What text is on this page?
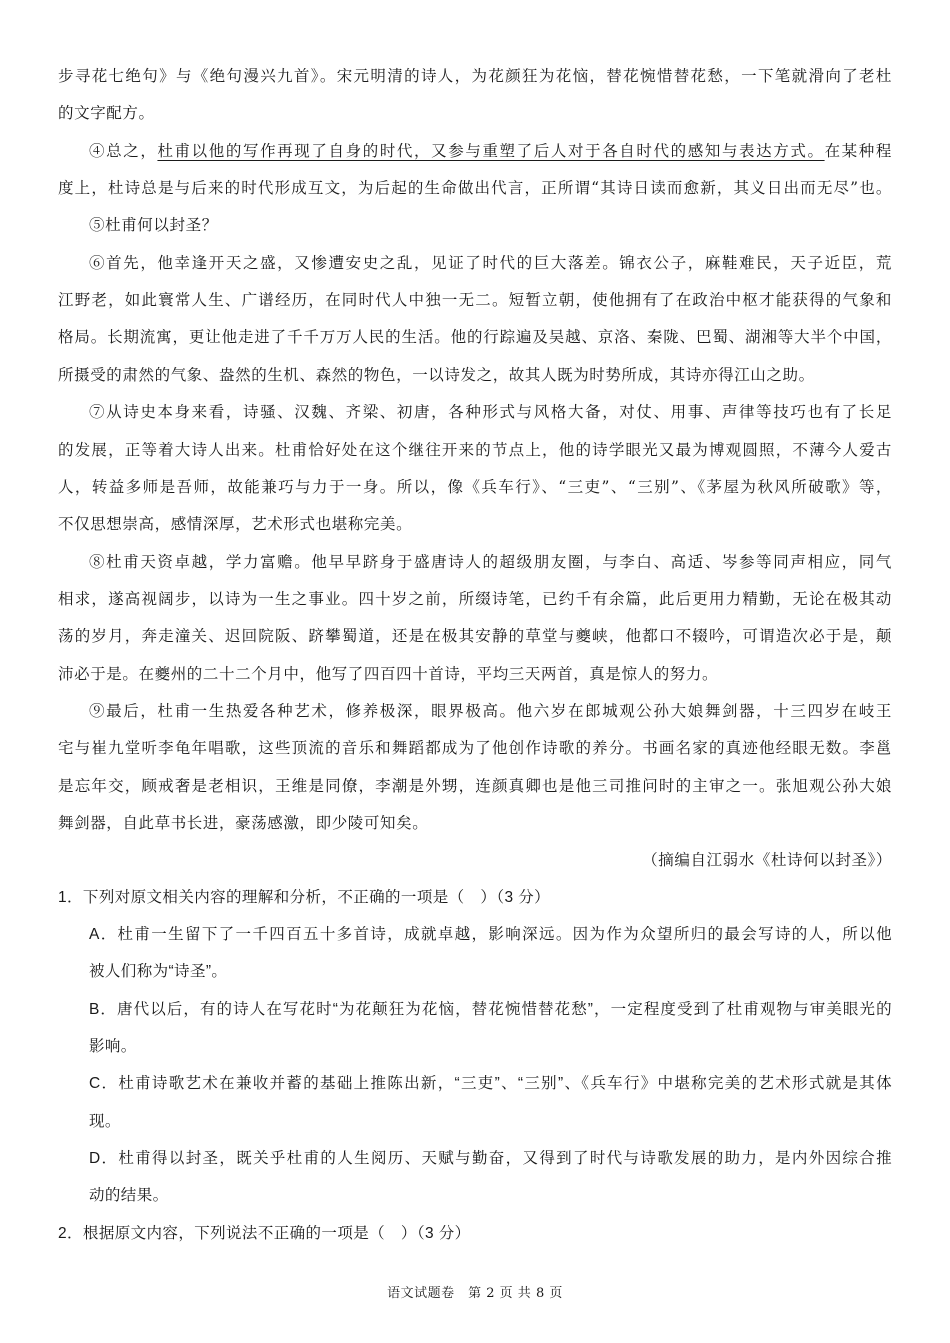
步寻花七绝句》与《绝句漫兴九首》。宋元明清的诗人，为花颜狂为花恼，替花惋惜替花愁，一下笔就滑向了老杜
的文字配方。
④总之，杜甫以他的写作再现了自身的时代，又参与重塑了后人对于各自时代的感知与表达方式。在某种程
度上，杜诗总是与后来的时代形成互文，为后起的生命做出代言，正所谓“其诗日读而愈新，其义日出而无尽”也。
⑤杜甫何以封圣？
⑥首先，他幸逢开天之盛，又惨遭安史之乱，见证了时代的巨大落差。锦衣公子，麻鞋难民，天子近臣，荒
江野老，如此寰常人生、广谱经历，在同时代人中独一无二。短暂立朝，使他拥有了在政治中枢才能获得的气象和
格局。长期流寓，更让他走进了千千万万人民的生活。他的行踪遍及吴越、京洛、秦陇、巴蜀、湖湘等大半个中国，
所摄受的肃然的气象、盎然的生机、森然的物色，一以诗发之，故其人既为时势所成，其诗亦得江山之助。
⑦从诗史本身来看，诗骚、汉魏、齐梁、初唐，各种形式与风格大备，对仗、用事、声律等技巧也有了长足
的发展，正等着大诗人出来。杜甫恰好处在这个继往开来的节点上，他的诗学眼光又最为博观圆照，不薄今人爱古
人，转益多师是吾师，故能兼巧与力于一身。所以，像《兵车行》、“三吏”、“三别”、《茅屋为秋风所破歌》等，
不仅思想崇高，感情深厚，艺术形式也堪称完美。
⑧杜甫天资卓越，学力富赡。他早早跻身于盛唐诗人的超级朋友圈，与李白、高适、岑参等同声相应，同气
相求，遂高视阔步，以诗为一生之事业。四十岁之前，所缀诗笔，已约千有余篇，此后更用力精勤，无论在极其动
荡的岁月，奔走潼关、迟回院阪、跻攀蜀道，还是在极其安静的草堂与夔峡，他都口不辍吟，可谓造次必于是，颠
沛必于是。在夔州的二十二个月中，他写了四百四十首诗，平均三天两首，真是惊人的努力。
⑨最后，杜甫一生热爱各种艺术，修养极深，眼界极高。他六岁在郎城观公孙大娘舞剑器，十三四岁在岐王
宅与崔九堂听李龟年唱歌，这些顶流的音乐和舞蹈都成为了他创作诗歌的养分。书画名家的真迹他经眼无数。李邕
是忘年交，顾戒奢是老相识，王维是同僚，李潮是外甥，连颜真卿也是他三司推问时的主审之一。张旭观公孙大娘
舞剑器，自此草书长进，豪荡感激，即少陵可知矣。
（摘编自江弱水《杜诗何以封圣》）
1．下列对原文相关内容的理解和分析，不正确的一项是（　）（3 分）
A．杜甫一生留下了一千四百五十多首诗，成就卓越，影响深远。因为作为众望所归的最会写诗的人，所以他
被人们称为“诗圣”。
B．唐代以后，有的诗人在写花时“为花颠狂为花恼，替花惋惜替花愁”，一定程度受到了杜甫观物与审美眼光的
影响。
C．杜甫诗歌艺术在兼收并蓄的基础上推陈出新，“三吏”、“三别”、《兵车行》中堪称完美的艺术形式就是其体
现。
D．杜甫得以封圣，既关乎杜甫的人生阅历、天赋与勤奋，又得到了时代与诗歌发展的助力，是内外因综合推
动的结果。
2．根据原文内容，下列说法不正确的一项是（　）（3 分）
语文试题卷　第 2 页 共 8 页
